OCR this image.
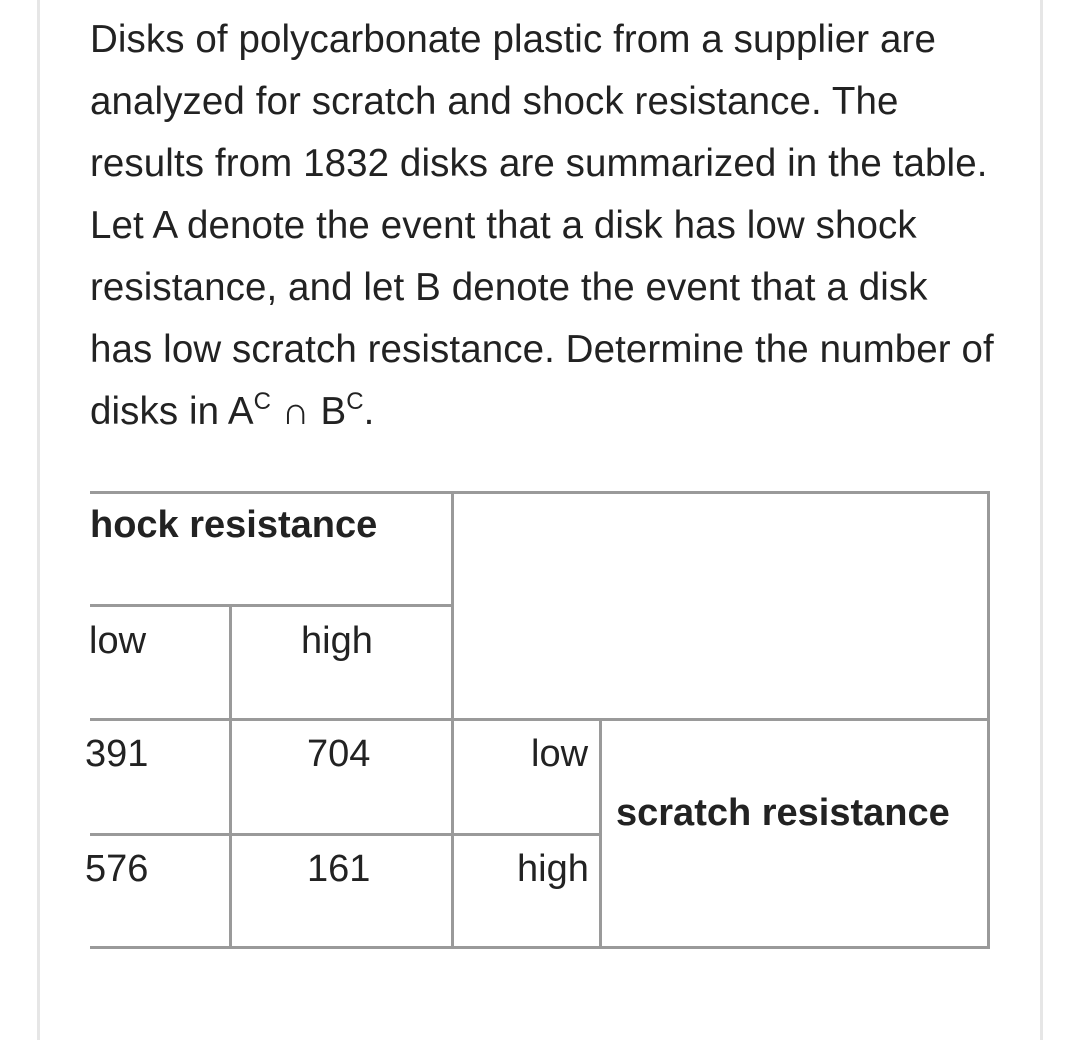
Disks of polycarbonate plastic from a supplier are analyzed for scratch and shock resistance. The results from 1832 disks are summarized in the table. Let A denote the event that a disk has low shock resistance, and let B denote the event that a disk has low scratch resistance. Determine the number of disks in $A^C$ ∩ $B^C$.

hock resistance
low	high
scratch resistance
391	704	low
576	161	high
